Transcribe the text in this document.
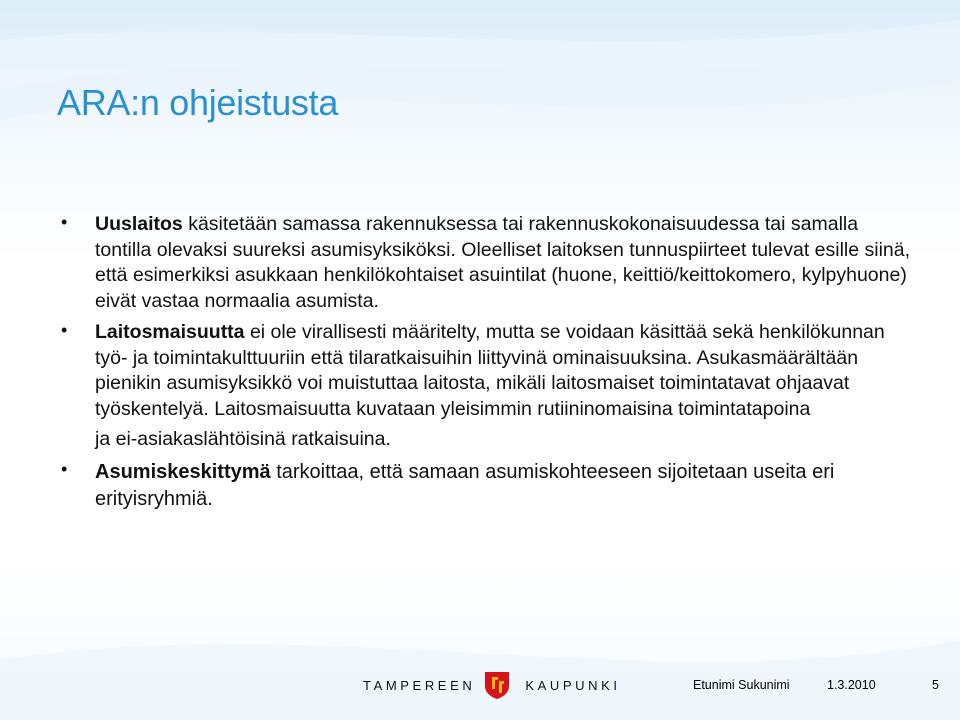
ARA:n ohjeistusta
• Uuslaitos käsitetään samassa rakennuksessa tai rakennuskokonaisuudessa tai samalla tontilla olevaksi suureksi asumisyksiköksi. Oleelliset laitoksen tunnuspiirteet tulevat esille siinä, että esimerkiksi asukkaan henkilökohtaiset asuintilat (huone, keittiö/keittokomero, kylpyhuone) eivät vastaa normaalia asumista.
• Laitosmaisuutta ei ole virallisesti määritelty, mutta se voidaan käsittää sekä henkilökunnan työ- ja toimintakulttuuriin että tilaratkaisuihin liittyvinä ominaisuuksina. Asukasmäärältään pienikin asumisyksikkö voi muistuttaa laitosta, mikäli laitosmaiset toimintatavat ohjaavat työskentelyä. Laitosmaisuutta kuvataan yleisimmin rutiininomaisina toimintatapoina
ja ei-asiakaslähtöisinä ratkaisuina.
• Asumiskeskittymä tarkoittaa, että samaan asumiskohteeseen sijoitetaan useita eri erityisryhmiä.
TAMPEREEN	KAUPUNKI	Etunimi Sukunimi	1.3.2010	5
